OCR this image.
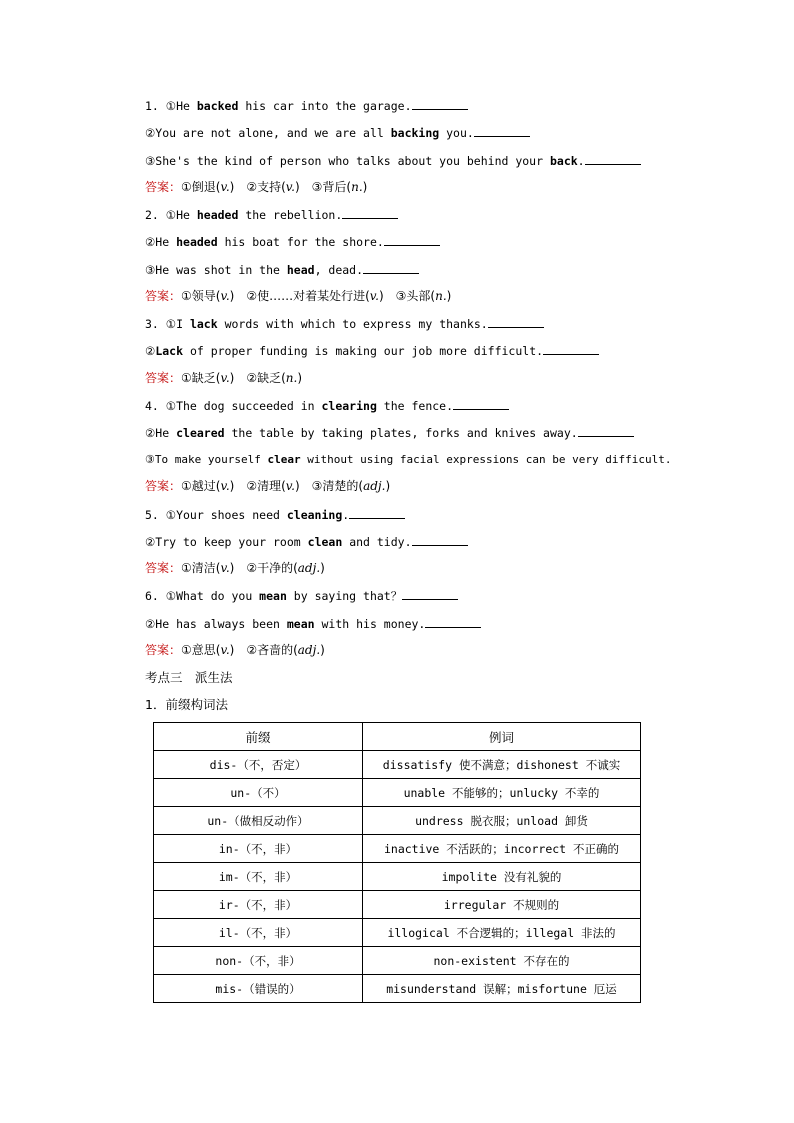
1. ①He backed his car into the garage.
②You are not alone, and we are all backing you.
③She's the kind of person who talks about you behind your back.
答案：①倒退(v.)　②支持(v.)　③背后(n.)
2. ①He headed the rebellion.
②He headed his boat for the shore.
③He was shot in the head, dead.
答案：①领导(v.)　②使……对着某处行进(v.)　③头部(n.)
3. ①I lack words with which to express my thanks.
②Lack of proper funding is making our job more difficult.
答案：①缺乏(v.)　②缺乏(n.)
4. ①The dog succeeded in clearing the fence.
②He cleared the table by taking plates, forks and knives away.
③To make yourself clear without using facial expressions can be very difficult.
答案：①越过(v.)　②清理(v.)　③清楚的(adj.)
5. ①Your shoes need cleaning.
②Try to keep your room clean and tidy.
答案：①清洁(v.)　②干净的(adj.)
6. ①What do you mean by saying that？
②He has always been mean with his money.
答案：①意思(v.)　②吝啬的(adj.)
考点三　派生法
1．前缀构词法
前缀	例词
dis-（不，否定）	dissatisfy 使不满意；dishonest 不诚实
un-（不）	unable 不能够的；unlucky 不幸的
un-（做相反动作）	undress 脱衣服；unload 卸货
in-（不，非）	inactive 不活跃的；incorrect 不正确的
im-（不，非）	impolite 没有礼貌的
ir-（不，非）	irregular 不规则的
il-（不，非）	illogical 不合逻辑的；illegal 非法的
non-（不，非）	non-existent 不存在的
mis-（错误的）	misunderstand 误解；misfortune 厄运
